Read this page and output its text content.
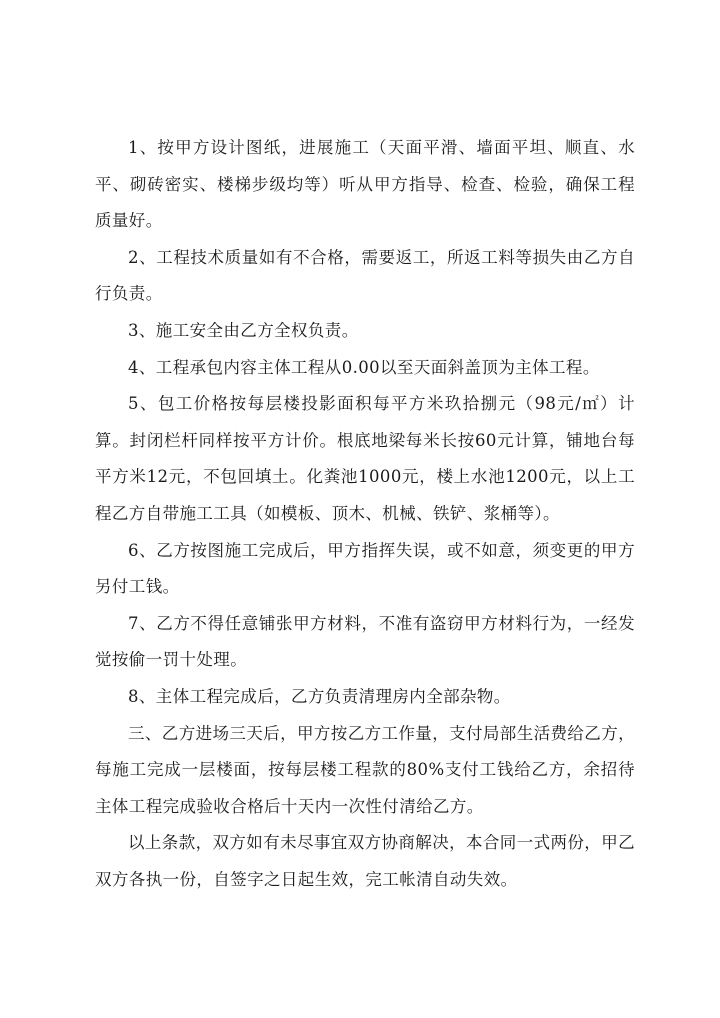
1、按甲方设计图纸，进展施工（天面平滑、墙面平坦、顺直、水平、砌砖密实、楼梯步级均等）听从甲方指导、检查、检验，确保工程质量好。

2、工程技术质量如有不合格，需要返工，所返工料等损失由乙方自行负责。

3、施工安全由乙方全权负责。

4、工程承包内容主体工程从0.00以至天面斜盖顶为主体工程。

5、包工价格按每层楼投影面积每平方米玖拾捌元（98元/㎡）计算。封闭栏杆同样按平方计价。根底地梁每米长按60元计算，铺地台每平方米12元，不包回填土。化粪池1000元，楼上水池1200元，以上工程乙方自带施工工具（如模板、顶木、机械、铁铲、浆桶等）。

6、乙方按图施工完成后，甲方指挥失误，或不如意，须变更的甲方另付工钱。

7、乙方不得任意铺张甲方材料，不准有盗窃甲方材料行为，一经发觉按偷一罚十处理。

8、主体工程完成后，乙方负责清理房内全部杂物。

三、乙方进场三天后，甲方按乙方工作量，支付局部生活费给乙方，每施工完成一层楼面，按每层楼工程款的80%支付工钱给乙方，余招待主体工程完成验收合格后十天内一次性付清给乙方。

以上条款，双方如有未尽事宜双方协商解决，本合同一式两份，甲乙双方各执一份，自签字之日起生效，完工帐清自动失效。
